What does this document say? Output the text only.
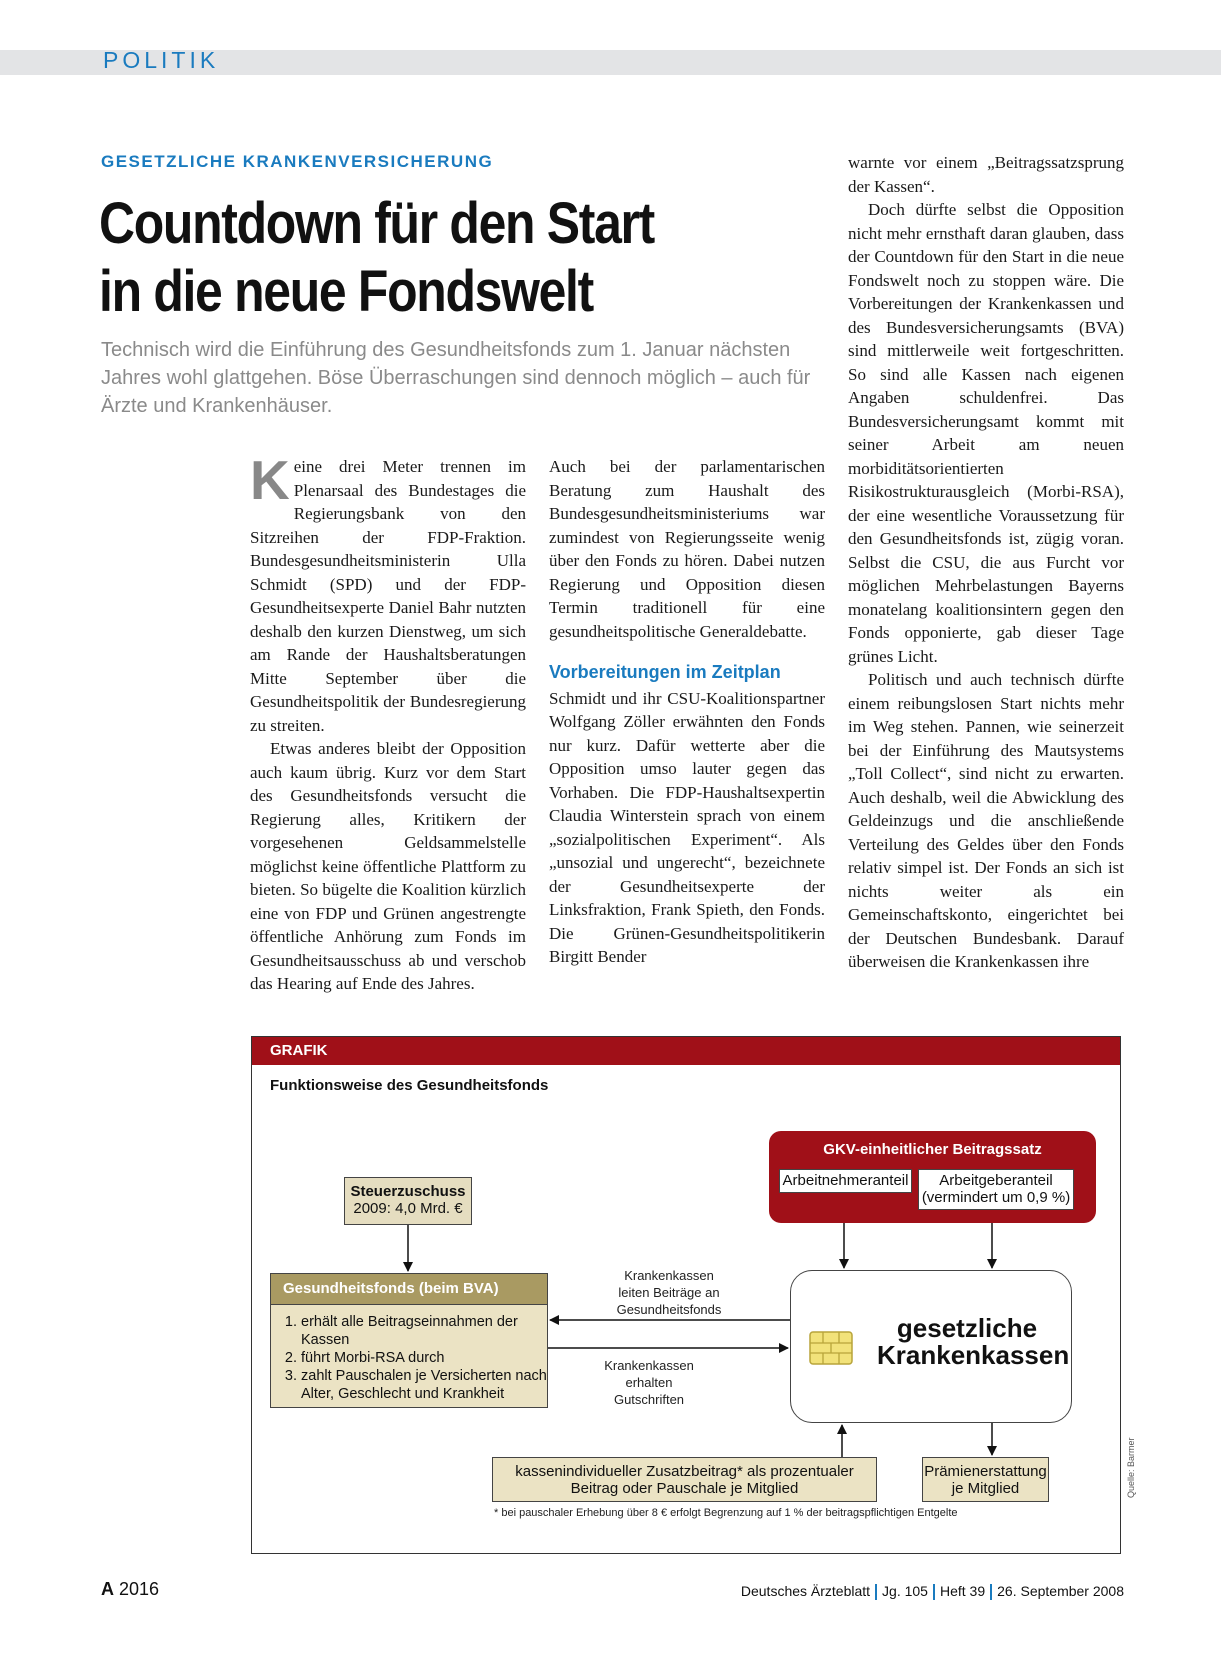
POLITIK
GESETZLICHE KRANKENVERSICHERUNG
Countdown für den Start
in die neue Fondswelt
Technisch wird die Einführung des Gesundheitsfonds zum 1. Januar nächsten Jahres wohl glattgehen. Böse Überraschungen sind dennoch möglich – auch für Ärzte und Krankenhäuser.

Keine drei Meter trennen im Plenarsaal des Bundestages die Regierungsbank von den Sitzreihen der FDP-Fraktion. Bundesgesundheitsministerin Ulla Schmidt (SPD) und der FDP-Gesundheitsexperte Daniel Bahr nutzten deshalb den kurzen Dienstweg, um sich am Rande der Haushaltsberatungen Mitte September über die Gesundheitspolitik der Bundesregierung zu streiten.

Etwas anderes bleibt der Opposition auch kaum übrig. Kurz vor dem Start des Gesundheitsfonds versucht die Regierung alles, Kritikern der vorgesehenen Geldsammelstelle möglichst keine öffentliche Plattform zu bieten. So bügelte die Koalition kürzlich eine von FDP und Grünen angestrengte öffentliche Anhörung zum Fonds im Gesundheitsausschuss ab und verschob das Hearing auf Ende des Jahres.

Auch bei der parlamentarischen Beratung zum Haushalt des Bundesgesundheitsministeriums war zumindest von Regierungsseite wenig über den Fonds zu hören. Dabei nutzen Regierung und Opposition diesen Termin traditionell für eine gesundheitspolitische Generaldebatte.

Vorbereitungen im Zeitplan

Schmidt und ihr CSU-Koalitionspartner Wolfgang Zöller erwähnten den Fonds nur kurz. Dafür wetterte aber die Opposition umso lauter gegen das Vorhaben. Die FDP-Haushaltsexpertin Claudia Winterstein sprach von einem „sozialpolitischen Experiment“. Als „unsozial und ungerecht“, bezeichnete der Gesundheitsexperte der Linksfraktion, Frank Spieth, den Fonds. Die Grünen-Gesundheitspolitikerin Birgitt Bender

warnte vor einem „Beitragssatzsprung der Kassen“.

Doch dürfte selbst die Opposition nicht mehr ernsthaft daran glauben, dass der Countdown für den Start in die neue Fondswelt noch zu stoppen wäre. Die Vorbereitungen der Krankenkassen und des Bundesversicherungsamts (BVA) sind mittlerweile weit fortgeschritten. So sind alle Kassen nach eigenen Angaben schuldenfrei. Das Bundesversicherungsamt kommt mit seiner Arbeit am neuen morbiditätsorientierten Risikostrukturausgleich (Morbi-RSA), der eine wesentliche Voraussetzung für den Gesundheitsfonds ist, zügig voran. Selbst die CSU, die aus Furcht vor möglichen Mehrbelastungen Bayerns monatelang koalitionsintern gegen den Fonds opponierte, gab dieser Tage grünes Licht.

Politisch und auch technisch dürfte einem reibungslosen Start nichts mehr im Weg stehen. Pannen, wie seinerzeit bei der Einführung des Mautsystems „Toll Collect“, sind nicht zu erwarten. Auch deshalb, weil die Abwicklung des Geldeinzugs und die anschließende Verteilung des Geldes über den Fonds relativ simpel ist. Der Fonds an sich ist nichts weiter als ein Gemeinschaftskonto, eingerichtet bei der Deutschen Bundesbank. Darauf überweisen die Krankenkassen ihre

GRAFIK
Funktionsweise des Gesundheitsfonds
Steuerzuschuss
2009: 4,0 Mrd. €
Gesundheitsfonds (beim BVA)
1. erhält alle Beitragseinnahmen der Kassen
2. führt Morbi-RSA durch
3. zahlt Pauschalen je Versicherten nach Alter, Geschlecht und Krankheit
GKV-einheitlicher Beitragssatz
Arbeitnehmeranteil	Arbeitgeberanteil
(vermindert um 0,9 %)
Krankenkassen
leiten Beiträge an
Gesundheitsfonds
Krankenkassen
erhalten
Gutschriften
gesetzliche
Krankenkassen
kassenindividueller Zusatzbeitrag* als prozentualer
Beitrag oder Pauschale je Mitglied
Prämienerstattung
je Mitglied
* bei pauschaler Erhebung über 8 € erfolgt Begrenzung auf 1 % der beitragspflichtigen Entgelte
Quelle: Barmer
A 2016	Deutsches Ärzteblatt Jg. 105 Heft 39 26. September 2008
